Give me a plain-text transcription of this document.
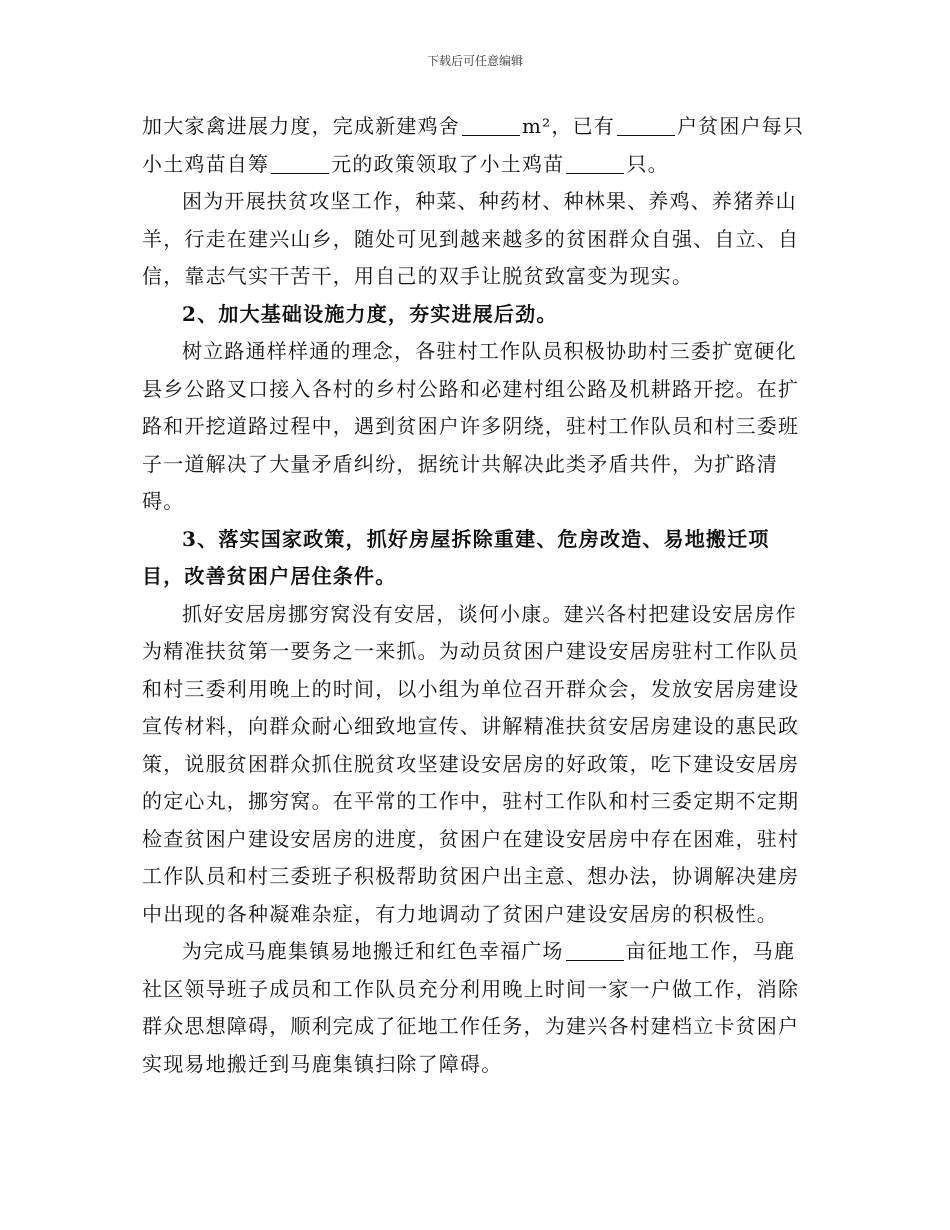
下载后可任意编辑

加大家禽进展力度，完成新建鸡舍	m²，已有	户贫困户每只小土鸡苗自筹	元的政策领取了小土鸡苗	只。

困为开展扶贫攻坚工作，种菜、种药材、种林果、养鸡、养猪养山羊，行走在建兴山乡，随处可见到越来越多的贫困群众自强、自立、自信，靠志气实干苦干，用自己的双手让脱贫致富变为现实。

2、加大基础设施力度，夯实进展后劲。

树立路通样样通的理念，各驻村工作队员积极协助村三委扩宽硬化县乡公路叉口接入各村的乡村公路和必建村组公路及机耕路开挖。在扩路和开挖道路过程中，遇到贫困户许多阴绕，驻村工作队员和村三委班子一道解决了大量矛盾纠纷，据统计共解决此类矛盾共件，为扩路清碍。

3、落实国家政策，抓好房屋拆除重建、危房改造、易地搬迁项目，改善贫困户居住条件。

抓好安居房挪穷窝没有安居，谈何小康。建兴各村把建设安居房作为精准扶贫第一要务之一来抓。为动员贫困户建设安居房驻村工作队员和村三委利用晚上的时间，以小组为单位召开群众会，发放安居房建设宣传材料，向群众耐心细致地宣传、讲解精准扶贫安居房建设的惠民政策，说服贫困群众抓住脱贫攻坚建设安居房的好政策，吃下建设安居房的定心丸，挪穷窝。在平常的工作中，驻村工作队和村三委定期不定期检查贫困户建设安居房的进度，贫困户在建设安居房中存在困难，驻村工作队员和村三委班子积极帮助贫困户出主意、想办法，协调解决建房中出现的各种凝难杂症，有力地调动了贫困户建设安居房的积极性。

为完成马鹿集镇易地搬迁和红色幸福广场	亩征地工作，马鹿社区领导班子成员和工作队员充分利用晚上时间一家一户做工作，消除群众思想障碍，顺利完成了征地工作任务，为建兴各村建档立卡贫困户实现易地搬迁到马鹿集镇扫除了障碍。
